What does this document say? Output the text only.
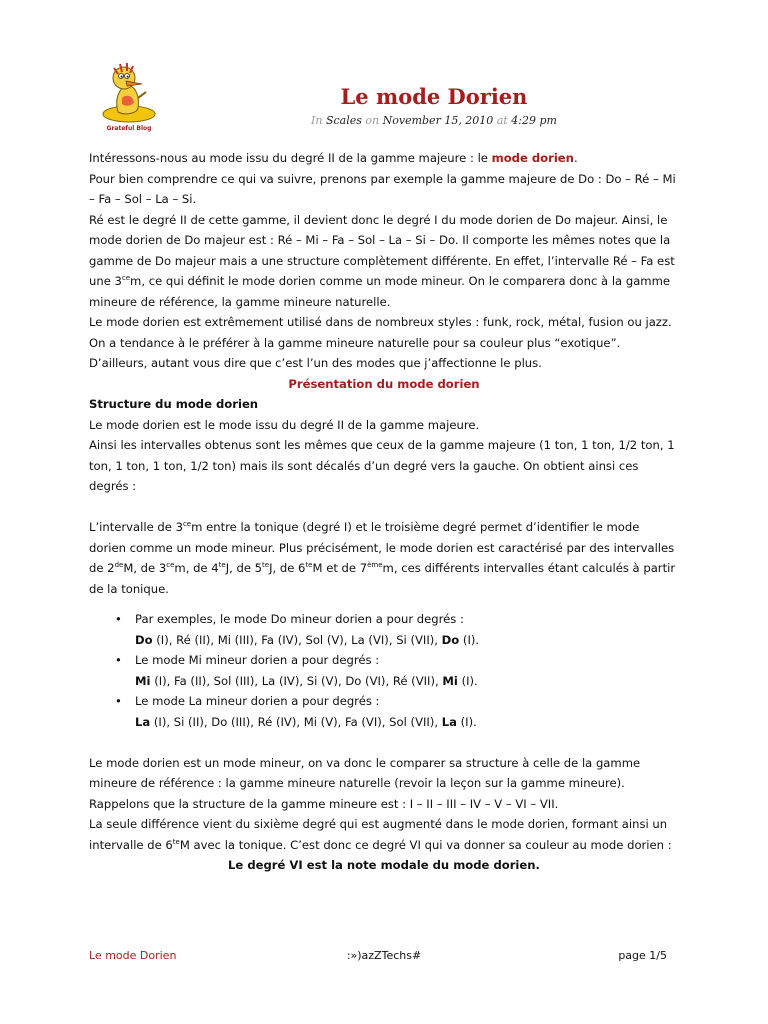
Grateful Blog
Le mode Dorien
In Scales on November 15, 2010 at 4:29 pm

Intéressons-nous au mode issu du degré II de la gamme majeure : le mode dorien.

Pour bien comprendre ce qui va suivre, prenons par exemple la gamme majeure de Do : Do – Ré – Mi – Fa – Sol – La – Si.

Ré est le degré II de cette gamme, il devient donc le degré I du mode dorien de Do majeur. Ainsi, le mode dorien de Do majeur est : Ré – Mi – Fa – Sol – La – Si – Do. Il comporte les mêmes notes que la gamme de Do majeur mais a une structure complètement différente. En effet, l’intervalle Ré – Fa est une $3^{ce}m$, ce qui définit le mode dorien comme un mode mineur. On le comparera donc à la gamme mineure de référence, la gamme mineure naturelle.

Le mode dorien est extrêmement utilisé dans de nombreux styles : funk, rock, métal, fusion ou jazz. On a tendance à le préférer à la gamme mineure naturelle pour sa couleur plus “exotique”. D’ailleurs, autant vous dire que c’est l’un des modes que j’affectionne le plus.

Présentation du mode dorien

Structure du mode dorien

Le mode dorien est le mode issu du degré II de la gamme majeure.

Ainsi les intervalles obtenus sont les mêmes que ceux de la gamme majeure (1 ton, 1 ton, 1/2 ton, 1 ton, 1 ton, 1 ton, 1/2 ton) mais ils sont décalés d’un degré vers la gauche. On obtient ainsi ces degrés :

L’intervalle de $3^{ce}m$ entre la tonique (degré I) et le troisième degré permet d’identifier le mode dorien comme un mode mineur. Plus précisément, le mode dorien est caractérisé par des intervalles de 2deM, de $3^{ce}m$, de $4^{te}J$, de $5^{te}J$, de $6^{te}M$ et de 7èmem, ces différents intervalles étant calculés à partir de la tonique.

• Par exemples, le mode Do mineur dorien a pour degrés :
Do (I), Ré (II), Mi (III), Fa (IV), Sol (V), La (VI), Si (VII), Do (I).
• Le mode Mi mineur dorien a pour degrés :
Mi (I), Fa (II), Sol (III), La (IV), Si (V), Do (VI), Ré (VII), Mi (I).
• Le mode La mineur dorien a pour degrés :
La (I), Si (II), Do (III), Ré (IV), Mi (V), Fa (VI), Sol (VII), La (I).

Le mode dorien est un mode mineur, on va donc le comparer sa structure à celle de la gamme mineure de référence : la gamme mineure naturelle (revoir la leçon sur la gamme mineure).

Rappelons que la structure de la gamme mineure est : I – II – III – IV – V – VI – VII.

La seule différence vient du sixième degré qui est augmenté dans le mode dorien, formant ainsi un intervalle de $6^{te}M$ avec la tonique. C’est donc ce degré VI qui va donner sa couleur au mode dorien :

Le degré VI est la note modale du mode dorien.

Le mode Dorien	:»)azZTechs#	page 1/5
